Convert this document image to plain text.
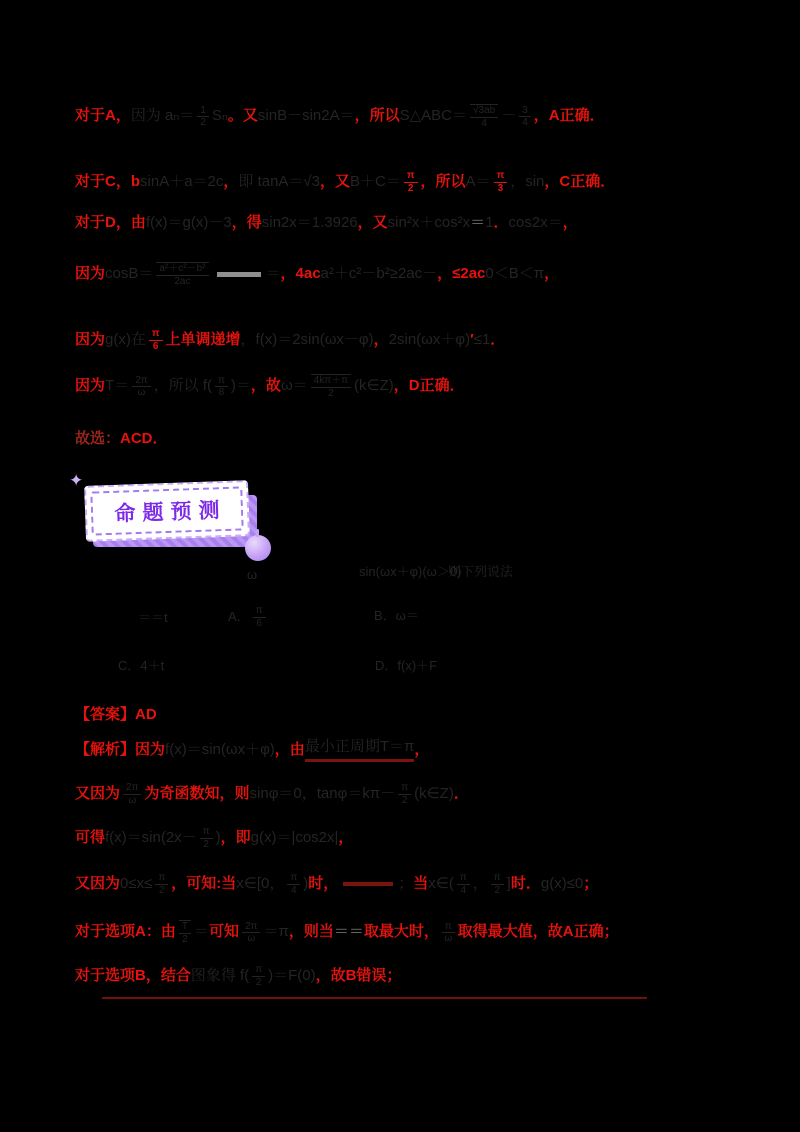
对于A， 因为 $a_n= \frac{1}{2}$ Sₙ 。又 sinB－sin2A＝ ，所以 S△ABC＝ $\frac{√3ab}{4} - \frac{3}{4}$ ，A正确．
对于C， b sinA＋a＝2c ， 即 tanA＝√3 ，又 $B+C= \frac{\pi}{2}$ ，所以 $A= \frac{\pi}{3}$ ，sin ，C正确．
对于D， 由 f(x)＝g(x)－3 ， 得 sin2x＝1.3926 ，又 sin²x＋cos²x ＝ 1 ． cos2x＝ ，
因为 $\cos B= \frac{\text{a²＋c²－b²}}{2ac}$	＝ ，4ac a²＋c²－b²≥2ac－ ，≤2ac 0＜B＜π ，
因为 g(x)在 $\frac{\pi}{6}$ 上单调递增 ，f(x)＝2sin(ωx－φ) ， 2sin(ωx＋φ) ′ ≤1 ．
因为 $T= \frac{2\pi}{\omega}$ ，所以 $f( \frac{\pi}{8}$ )＝ ， 故 $\omega= \frac{4k\pi+\pi}{2}$ (k∈Z) ，D正确．
故选： ACD．
ω	sin(ωx＋φ)(ω＞0)
则下列说法
＝＝t	A． $\frac{\pi}{6}$	B．ω＝
C．4＋t	D．f(x)＋F
【答案】 AD
【解析】 因为 f(x)＝sin(ωx＋φ) ，由 最小正周期T＝π ，
又因为 $\frac{2\pi}{\omega}$ 为奇函数知， 则 sinφ＝0，$\tan\varphi=k\pi- \frac{\pi}{2}$ (k∈Z) ．
可得 $f(x)=\sin(2x- \frac{\pi}{2}$ ) ，即 g(x)＝|cos2x| ，
又因为 $0\le x\le \frac{\pi}{2}$ ，可知: 当 x∈[0， $\frac{\pi}{4}$ ) 时，	； 当 x∈( $\frac{\pi}{4}$ ， $\frac{\pi}{2}$ ] 时． g(x)≤0 ；
对于选项A：由 $\frac{T}{2}$ ＝ 可知 $\frac{2\pi}{\omega} =\pi$ ，则当 ＝＝ 取最大时， $\frac{\pi}{\omega}$ 取得最大值，故A正确；
对于选项B，结合 图象得 $f( \frac{\pi}{2} )=F(0)$ ，故B错误；
命题预测
✦
